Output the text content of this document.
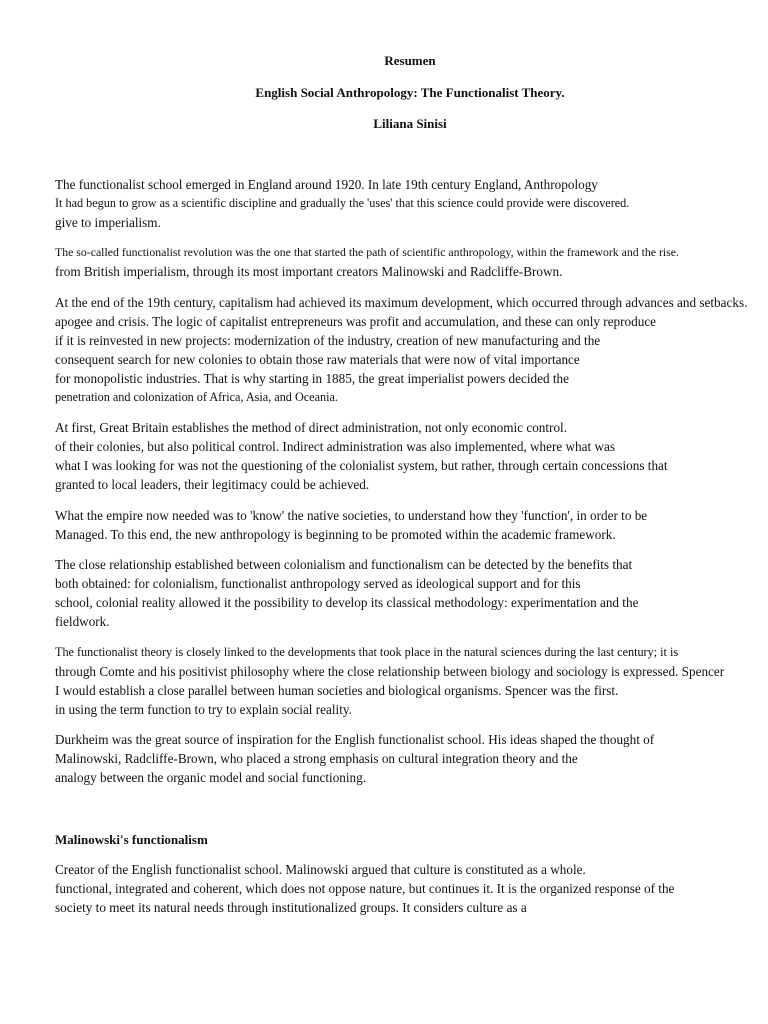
Resumen
English Social Anthropology: The Functionalist Theory.
Liliana Sinisi
The functionalist school emerged in England around 1920. In late 19th century England, Anthropology
It had begun to grow as a scientific discipline and gradually the 'uses' that this science could provide were discovered.
give to imperialism.
The so-called functionalist revolution was the one that started the path of scientific anthropology, within the framework and the rise.
from British imperialism, through its most important creators Malinowski and Radcliffe-Brown.
At the end of the 19th century, capitalism had achieved its maximum development, which occurred through advances and setbacks.
apogee and crisis. The logic of capitalist entrepreneurs was profit and accumulation, and these can only reproduce
if it is reinvested in new projects: modernization of the industry, creation of new manufacturing and the
consequent search for new colonies to obtain those raw materials that were now of vital importance
for monopolistic industries. That is why starting in 1885, the great imperialist powers decided the
penetration and colonization of Africa, Asia, and Oceania.
At first, Great Britain establishes the method of direct administration, not only economic control.
of their colonies, but also political control. Indirect administration was also implemented, where what was
what I was looking for was not the questioning of the colonialist system, but rather, through certain concessions that
granted to local leaders, their legitimacy could be achieved.
What the empire now needed was to 'know' the native societies, to understand how they 'function', in order to be
Managed. To this end, the new anthropology is beginning to be promoted within the academic framework.
The close relationship established between colonialism and functionalism can be detected by the benefits that
both obtained: for colonialism, functionalist anthropology served as ideological support and for this
school, colonial reality allowed it the possibility to develop its classical methodology: experimentation and the
fieldwork.
The functionalist theory is closely linked to the developments that took place in the natural sciences during the last century; it is
through Comte and his positivist philosophy where the close relationship between biology and sociology is expressed. Spencer
I would establish a close parallel between human societies and biological organisms. Spencer was the first.
in using the term function to try to explain social reality.
Durkheim was the great source of inspiration for the English functionalist school. His ideas shaped the thought of
Malinowski, Radcliffe-Brown, who placed a strong emphasis on cultural integration theory and the
analogy between the organic model and social functioning.
Malinowski's functionalism
Creator of the English functionalist school. Malinowski argued that culture is constituted as a whole.
functional, integrated and coherent, which does not oppose nature, but continues it. It is the organized response of the
society to meet its natural needs through institutionalized groups. It considers culture as a
